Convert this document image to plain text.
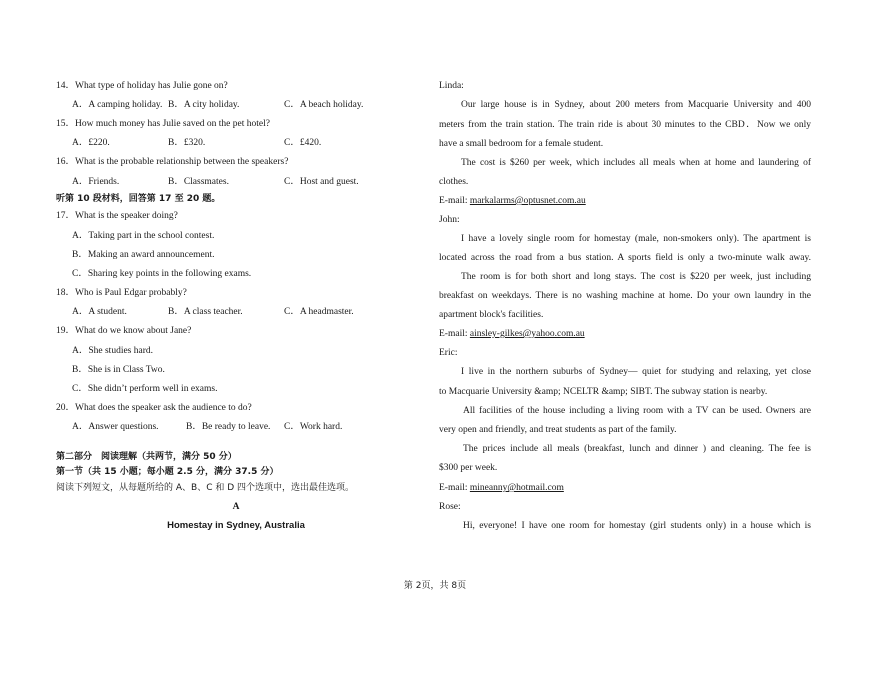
14．What type of holiday has Julie gone on?
A．A camping holiday. B．A city holiday.	C．A beach holiday.
15．How much money has Julie saved on the pet hotel?
A．£220.	B．£320.	C．£420.
16．What is the probable relationship between the speakers?
A．Friends.	B．Classmates.	C．Host and guest.
听第 10 段材料，回答第 17 至 20 题。
17．What is the speaker doing?
A．Taking part in the school contest.
B．Making an award announcement.
C．Sharing key points in the following exams.
18．Who is Paul Edgar probably?
A．A student.	B．A class teacher.	C．A headmaster.
19．What do we know about Jane?
A．She studies hard.
B．She is in Class Two.
C．She didn’t perform well in exams.
20．What does the speaker ask the audience to do?
A．Answer questions.	B．Be ready to leave. C．Work hard.
第二部分　阅读理解（共两节，满分 50 分）
第一节（共 15 小题；每小题 2.5 分，满分 37.5 分）
阅读下列短文，从每题所给的 A、B、C 和 D 四个选项中，选出最佳选项。
A
Homestay in Sydney, Australia
Linda:
Our large house is in Sydney, about 200 meters from Macquarie University and 400
meters from the train station. The train ride is about 30 minutes to the CBD．Now we only
have a small bedroom for a female student.
The cost is $260 per week, which includes all meals when at home and laundering of
clothes.
E-mail: markalarms@optusnet.com.au
John:
I have a lovely single room for homestay (male, non-smokers only). The apartment is
located across the road from a bus station. A sports field is only a two-minute walk away.
The room is for both short and long stays. The cost is $220 per week, just including
breakfast on weekdays. There is no washing machine at home. Do your own laundry in the
apartment block's facilities.
E-mail: ainsley-gilkes@yahoo.com.au
Eric:
I live in the northern suburbs of Sydney— quiet for studying and relaxing, yet close
to Macquarie University &amp; NCELTR &amp; SIBT. The subway station is nearby.
All facilities of the house including a living room with a TV can be used. Owners are
very open and friendly, and treat students as part of the family.
The prices include all meals (breakfast, lunch and dinner ) and cleaning. The fee is
$300 per week.
E-mail: mineanny@hotmail.com
Rose:
Hi, everyone! I have one room for homestay (girl students only) in a house which is
第 2页，共 8页
